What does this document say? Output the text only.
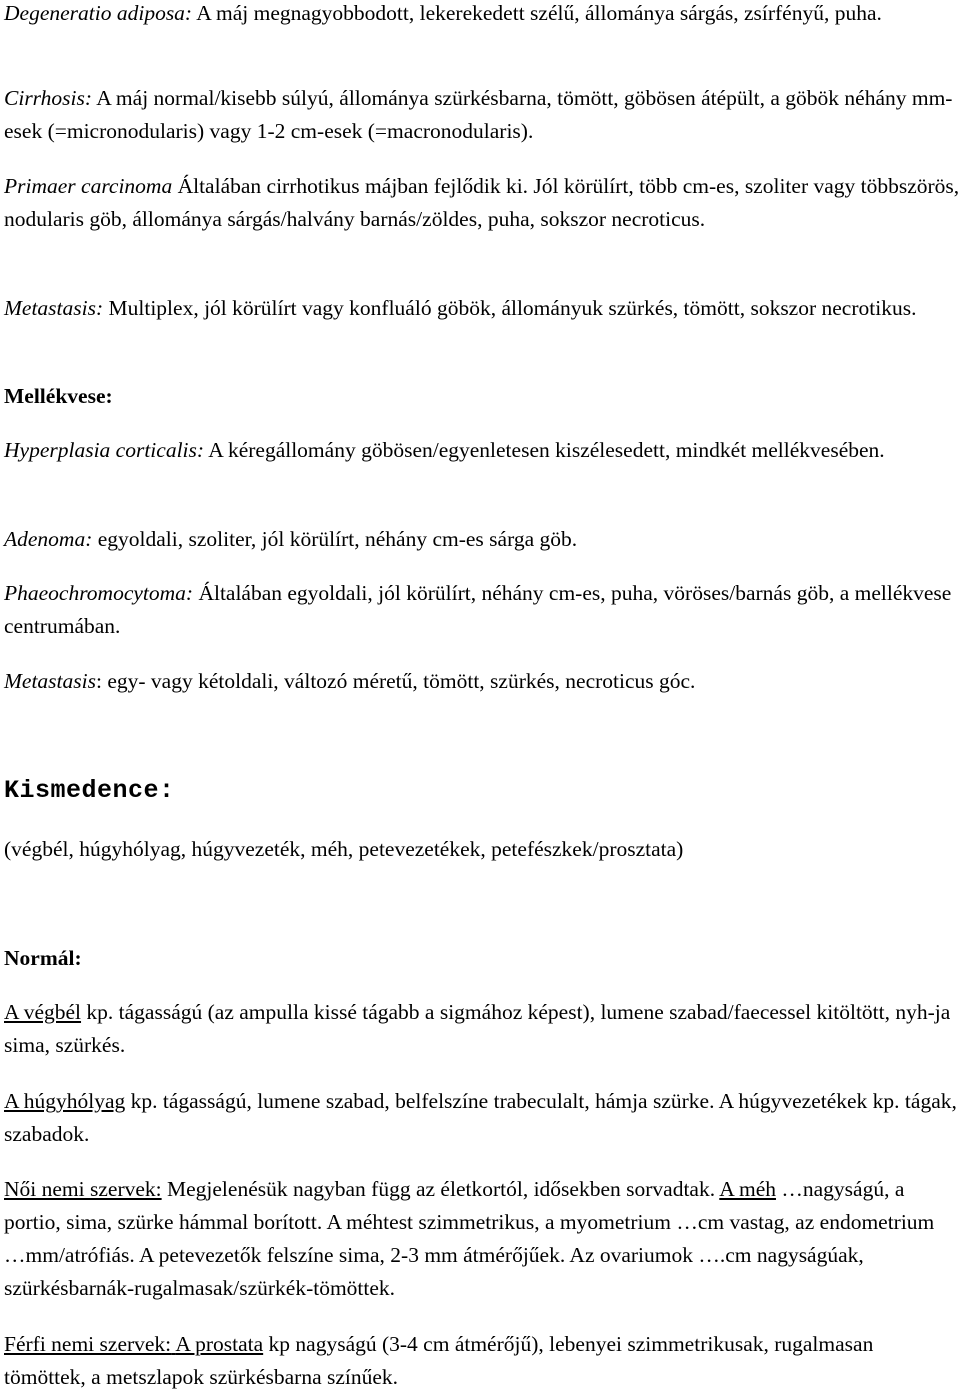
Degeneratio adiposa: A máj megnagyobbodott, lekerekedett szélű, állománya sárgás, zsírfényű, puha.

Cirrhosis: A máj normal/kisebb súlyú, állománya szürkésbarna, tömött, göbösen átépült, a göbök néhány mm-esek (=micronodularis) vagy 1-2 cm-esek (=macronodularis).

Primaer carcinoma Általában cirrhotikus májban fejlődik ki. Jól körülírt, több cm-es, szoliter vagy többszörös, nodularis göb, állománya sárgás/halvány barnás/zöldes, puha, sokszor necroticus.

Metastasis: Multiplex, jól körülírt vagy konfluáló göbök, állományuk szürkés, tömött, sokszor necrotikus.

Mellékvese:

Hyperplasia corticalis: A kéregállomány göbösen/egyenletesen kiszélesedett, mindkét mellékvesében.

Adenoma: egyoldali, szoliter, jól körülírt, néhány cm-es sárga göb.

Phaeochromocytoma: Általában egyoldali, jól körülírt, néhány cm-es, puha, vöröses/barnás göb, a mellékvese centrumában.

Metastasis: egy- vagy kétoldali, változó méretű, tömött, szürkés, necroticus góc.

Kismedence:

(végbél, húgyhólyag, húgyvezeték, méh, petevezetékek, petefészkek/prosztata)

Normál:

A végbél kp. tágasságú (az ampulla kissé tágabb a sigmához képest), lumene szabad/faecessel kitöltött, nyh-ja sima, szürkés.

A húgyhólyag kp. tágasságú, lumene szabad, belfelszíne trabeculalt, hámja szürke. A húgyvezetékek kp. tágak, szabadok.

Női nemi szervek: Megjelenésük nagyban függ az életkortól, idősekben sorvadtak. A méh …nagyságú, a portio, sima, szürke hámmal borított. A méhtest szimmetrikus, a myometrium …cm vastag, az endometrium …mm/atrófiás. A petevezetők felszíne sima, 2-3 mm átmérőjűek. Az ovariumok ….cm nagyságúak, szürkésbarnák-rugalmasak/szürkék-tömöttek.

Férfi nemi szervek: A prostata kp nagyságú (3-4 cm átmérőjű), lebenyei szimmetrikusak, rugalmasan tömöttek, a metszlapok szürkésbarna színűek.
